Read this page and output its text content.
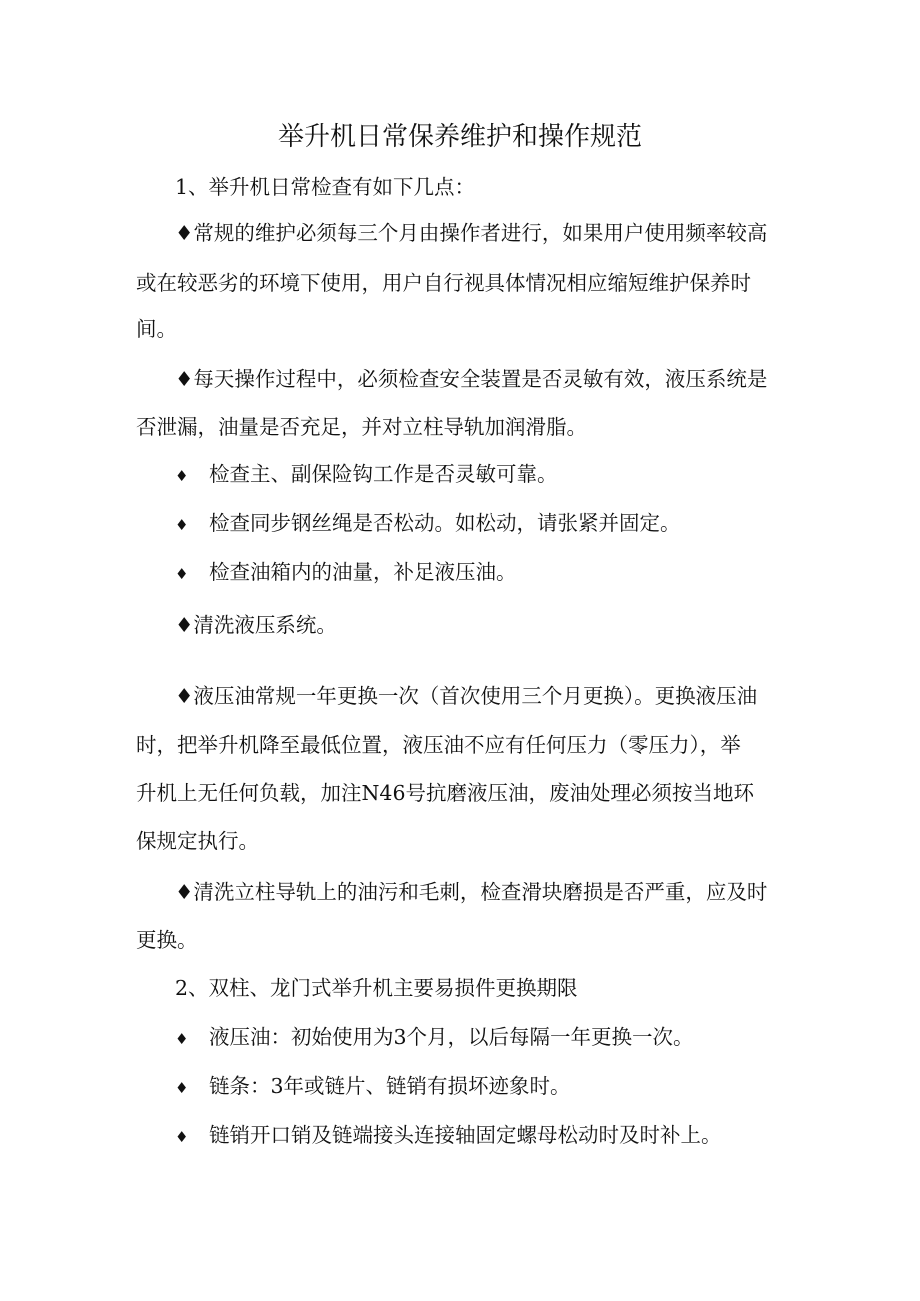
举升机日常保养维护和操作规范
1、举升机日常检查有如下几点：
♦常规的维护必须每三个月由操作者进行，如果用户使用频率较高
或在较恶劣的环境下使用，用户自行视具体情况相应缩短维护保养时
间。
♦每天操作过程中，必须检查安全装置是否灵敏有效，液压系统是
否泄漏，油量是否充足，并对立柱导轨加润滑脂。
♦ 检查主、副保险钩工作是否灵敏可靠。
♦ 检查同步钢丝绳是否松动。如松动，请张紧并固定。
♦ 检查油箱内的油量，补足液压油。
♦清洗液压系统。
♦液压油常规一年更换一次（首次使用三个月更换）。更换液压油
时，把举升机降至最低位置，液压油不应有任何压力（零压力），举
升机上无任何负载，加注N46号抗磨液压油，废油处理必须按当地环
保规定执行。
♦清洗立柱导轨上的油污和毛刺，检查滑块磨损是否严重，应及时
更换。
2、双柱、龙门式举升机主要易损件更换期限
♦ 液压油：初始使用为3个月，以后每隔一年更换一次。
♦ 链条：3年或链片、链销有损坏迹象时。
♦ 链销开口销及链端接头连接轴固定螺母松动时及时补上。
